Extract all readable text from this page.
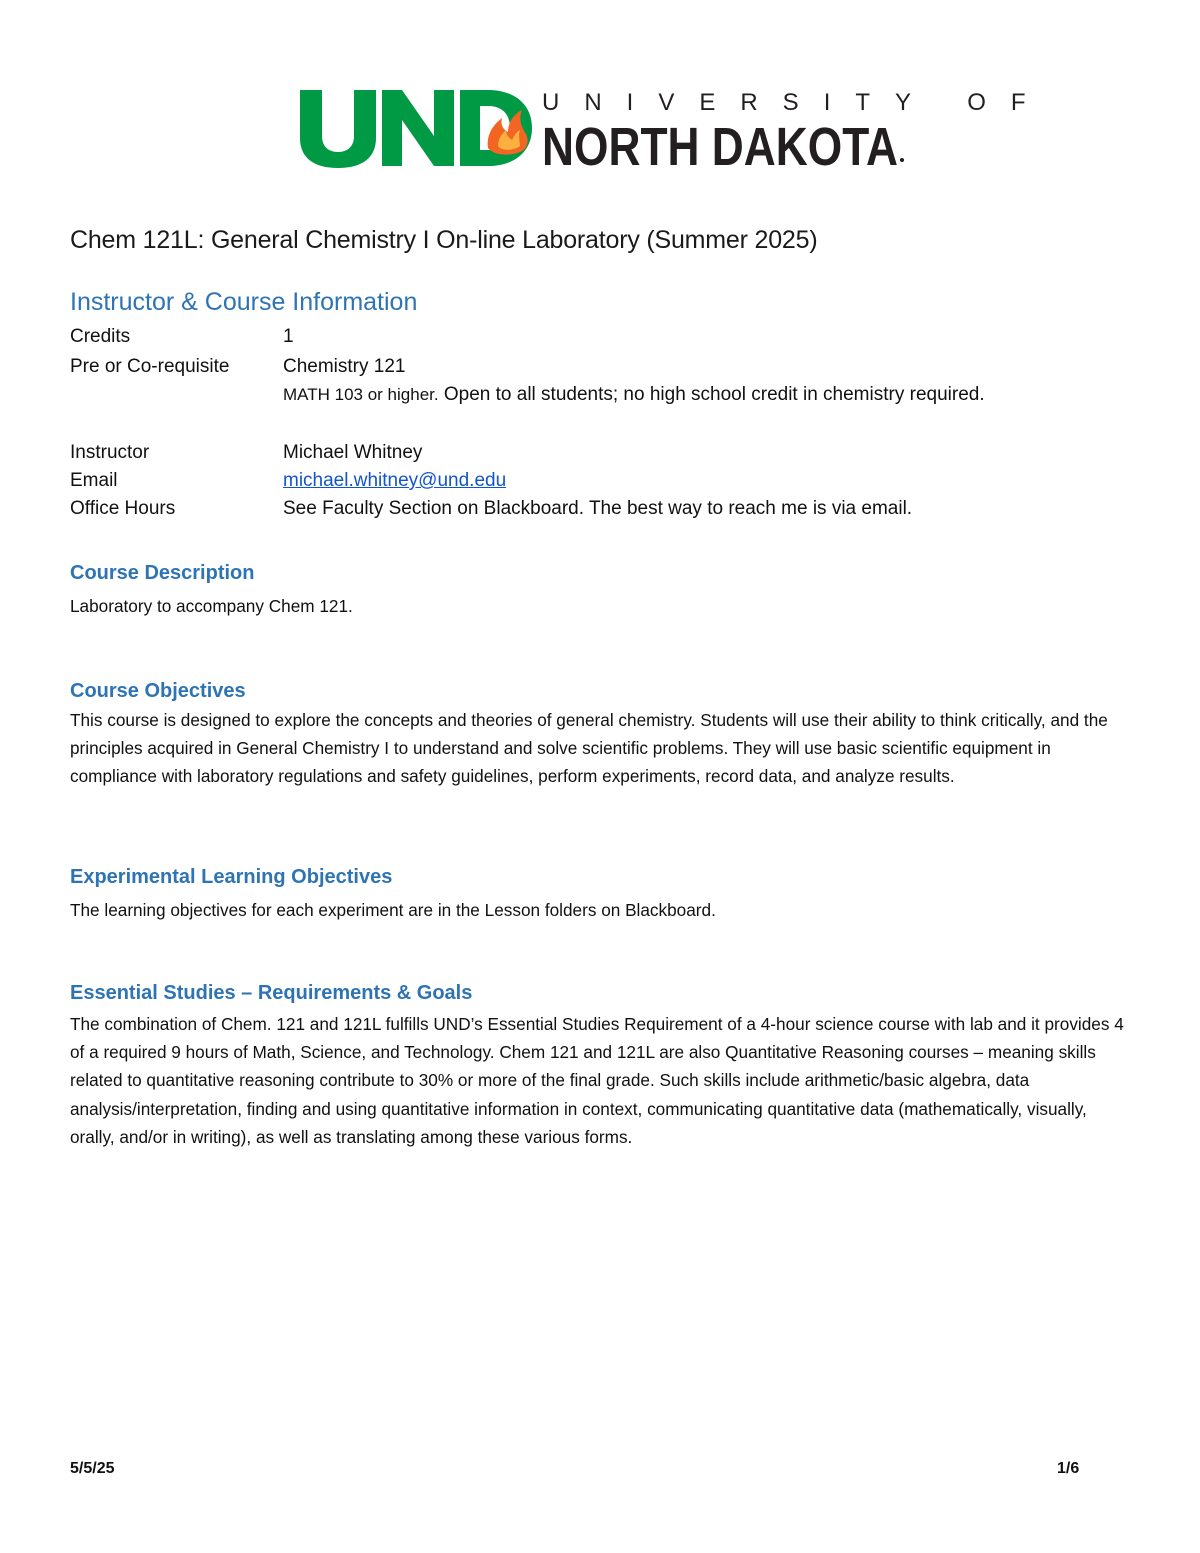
UNIVERSITY OF
NORTH DAKOTA
Chem 121L: General Chemistry I On-line Laboratory (Summer 2025)
Instructor & Course Information
Credits	1
Pre or Co-requisite	Chemistry 121
MATH 103 or higher. Open to all students; no high school credit in chemistry required.
Instructor	Michael Whitney
Email	michael.whitney@und.edu
Office Hours	See Faculty Section on Blackboard. The best way to reach me is via email.
Course Description
Laboratory to accompany Chem 121.
Course Objectives
This course is designed to explore the concepts and theories of general chemistry. Students will use their ability to think critically, and the principles acquired in General Chemistry I to understand and solve scientific problems. They will use basic scientific equipment in compliance with laboratory regulations and safety guidelines, perform experiments, record data, and analyze results.
Experimental Learning Objectives
The learning objectives for each experiment are in the Lesson folders on Blackboard.
Essential Studies – Requirements & Goals
The combination of Chem. 121 and 121L fulfills UND’s Essential Studies Requirement of a 4-hour science course with lab and it provides 4 of a required 9 hours of Math, Science, and Technology. Chem 121 and 121L are also Quantitative Reasoning courses – meaning skills related to quantitative reasoning contribute to 30% or more of the final grade. Such skills include arithmetic/basic algebra, data analysis/interpretation, finding and using quantitative information in context, communicating quantitative data (mathematically, visually, orally, and/or in writing), as well as translating among these various forms.
5/5/25	1/6
